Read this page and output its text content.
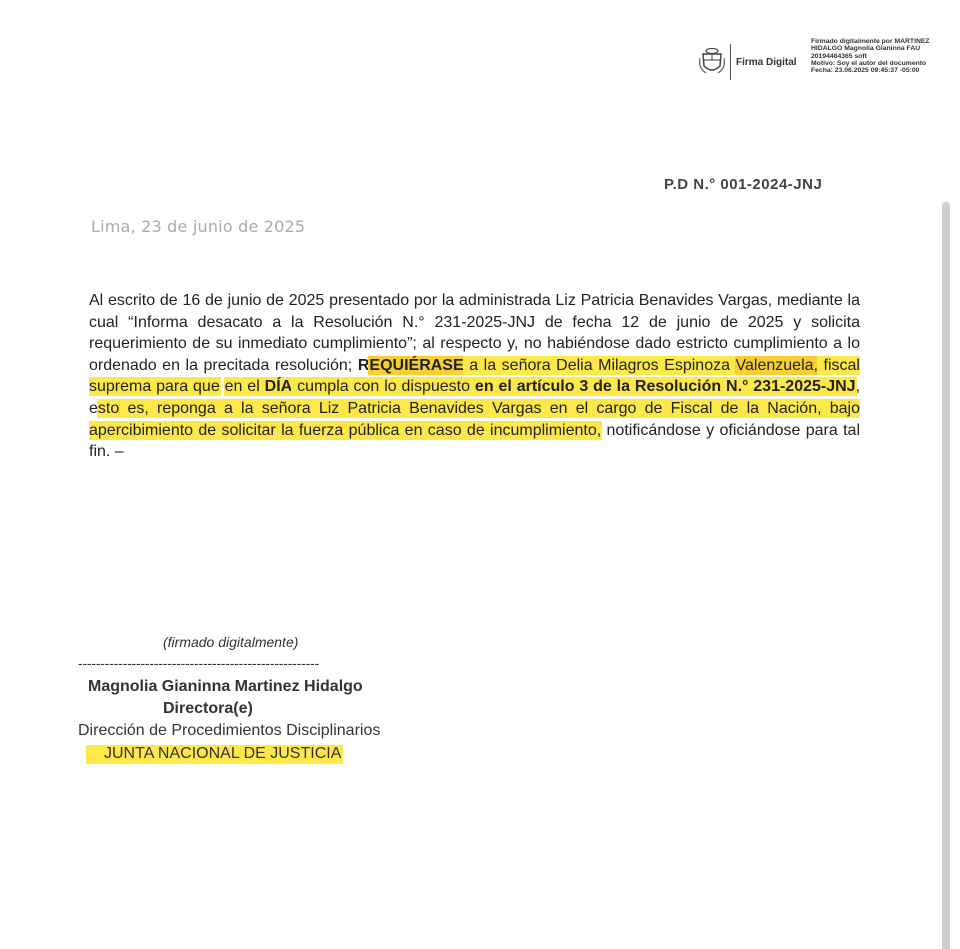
Firma Digital
Firmado digitalmente por MARTINEZ
HIDALGO Magnolia Gianinna FAU
20194484365 soft
Motivo: Soy el autor del documento
Fecha: 23.06.2025 09:45:37 -05:00
P.D N.° 001-2024-JNJ
Lima, 23 de junio de 2025
Al escrito de 16 de junio de 2025 presentado por la administrada Liz Patricia Benavides Vargas, mediante la cual “Informa desacato a la Resolución N.° 231-2025-JNJ de fecha 12 de junio de 2025 y solicita requerimiento de su inmediato cumplimiento”; al respecto y, no habiéndose dado estricto cumplimiento a lo ordenado en la precitada resolución; REQUIÉRASE a la señora Delia Milagros Espinoza Valenzuela, fiscal suprema para que en el DÍA cumpla con lo dispuesto en el artículo 3 de la Resolución N.° 231-2025-JNJ, esto es, reponga a la señora Liz Patricia Benavides Vargas en el cargo de Fiscal de la Nación, bajo apercibimiento de solicitar la fuerza pública en caso de incumplimiento, notificándose y oficiándose para tal fin. –
(firmado digitalmente)
------------------------------------------------------
Magnolia Gianinna Martinez Hidalgo
Directora(e)
Dirección de Procedimientos Disciplinarios
JUNTA NACIONAL DE JUSTICIA
